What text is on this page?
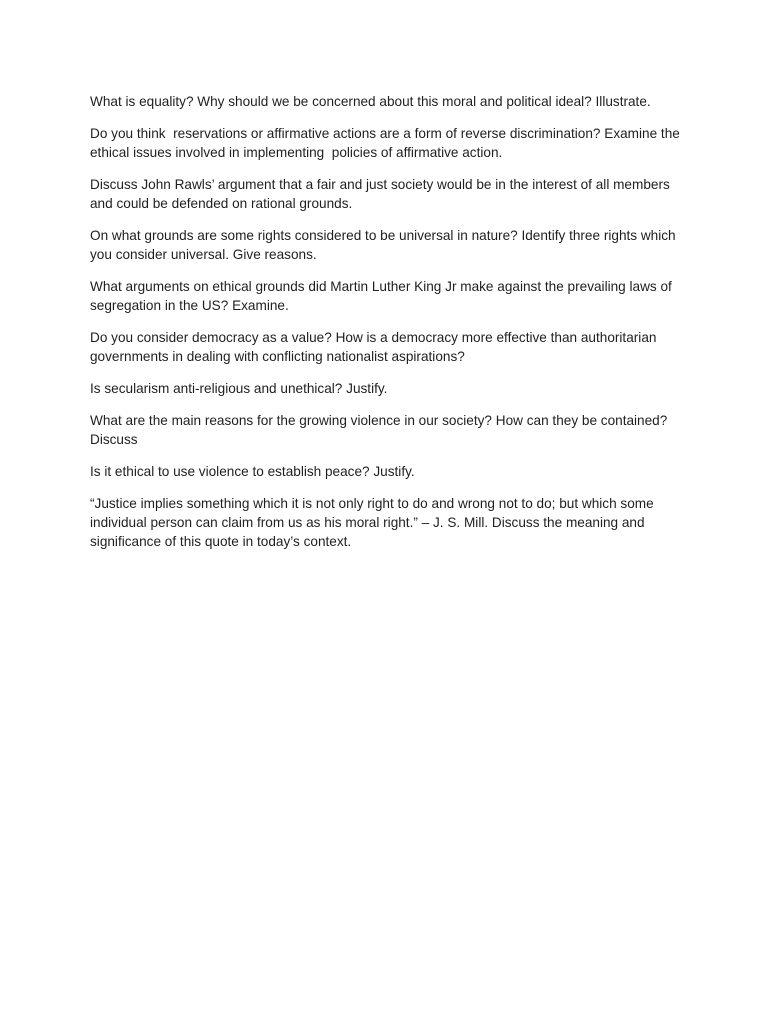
What is equality? Why should we be concerned about this moral and political ideal? Illustrate.

Do you think  reservations or affirmative actions are a form of reverse discrimination? Examine the ethical issues involved in implementing  policies of affirmative action.

Discuss John Rawls’ argument that a fair and just society would be in the interest of all members and could be defended on rational grounds.

On what grounds are some rights considered to be universal in nature? Identify three rights which you consider universal. Give reasons.

What arguments on ethical grounds did Martin Luther King Jr make against the prevailing laws of segregation in the US? Examine.

Do you consider democracy as a value? How is a democracy more effective than authoritarian governments in dealing with conflicting nationalist aspirations?

Is secularism anti-religious and unethical? Justify.

What are the main reasons for the growing violence in our society? How can they be contained? Discuss

Is it ethical to use violence to establish peace? Justify.

“Justice implies something which it is not only right to do and wrong not to do; but which some individual person can claim from us as his moral right.” – J. S. Mill. Discuss the meaning and significance of this quote in today’s context.
